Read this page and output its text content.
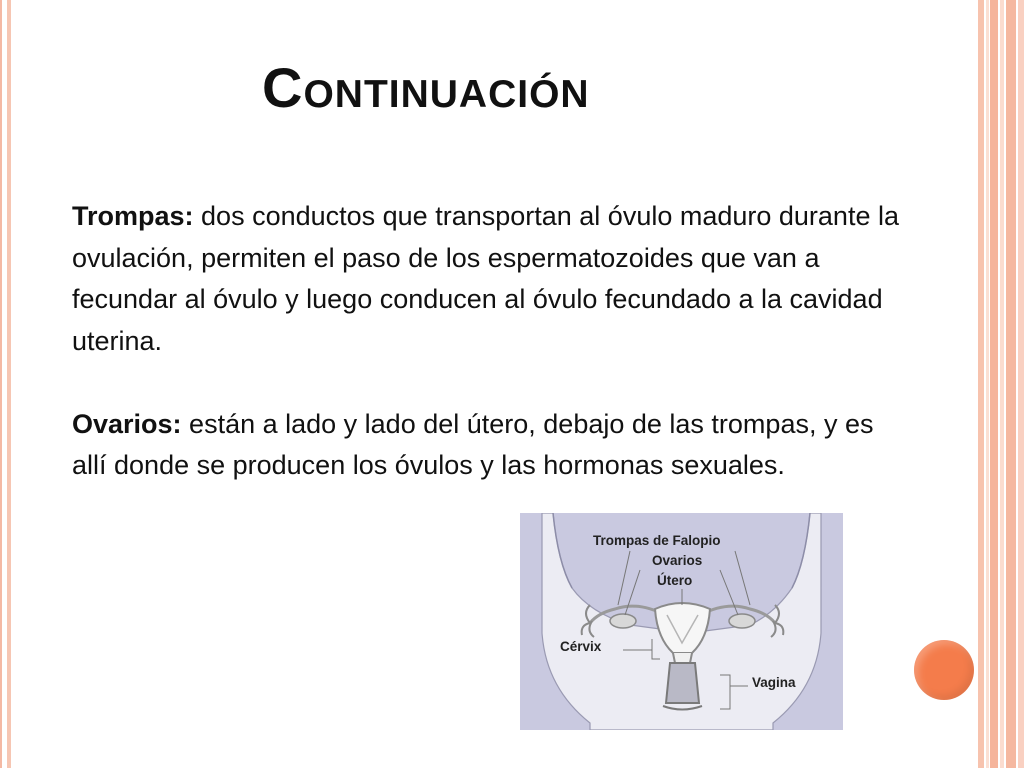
Continuación

Trompas: dos conductos que transportan al óvulo maduro durante la ovulación, permiten el paso de los espermatozoides que van a fecundar al óvulo y luego conducen al óvulo fecundado a la cavidad uterina.

Ovarios: están a lado y lado del útero, debajo de las trompas, y es allí donde se producen los óvulos y las hormonas sexuales.

Trompas de Falopio
Ovarios
Útero
Cérvix
Vagina
